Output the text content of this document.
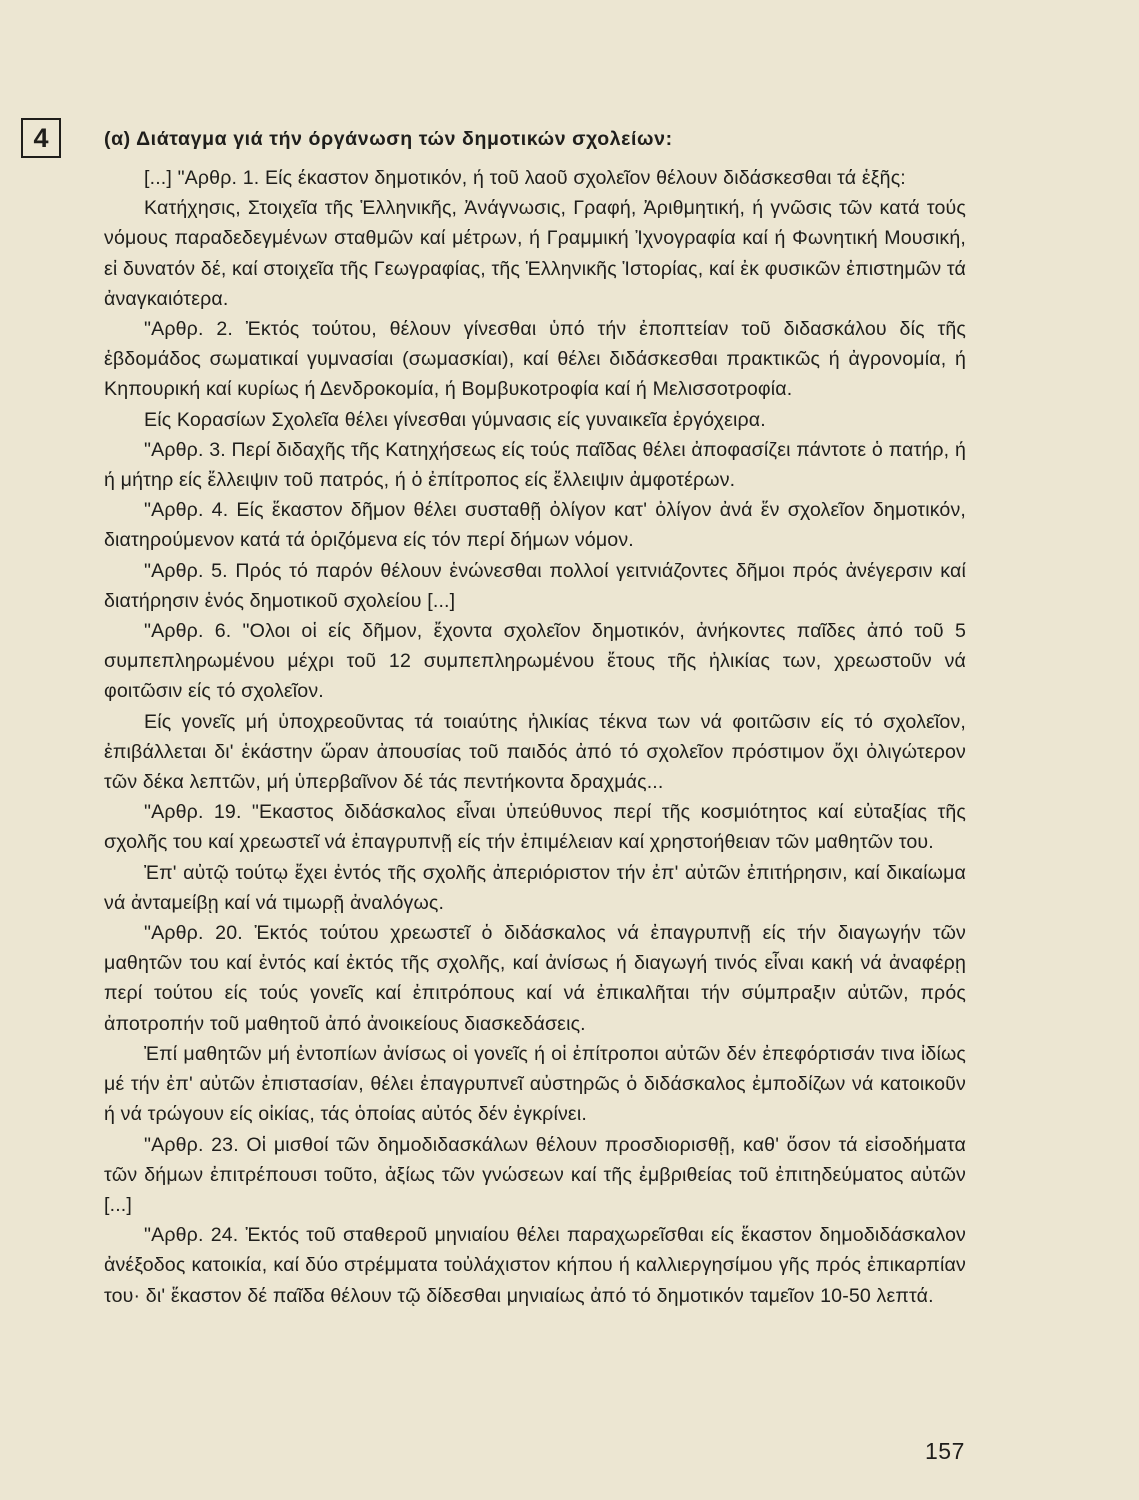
4	(α) Διάταγμα γιά τήν όργάνωση τών δημοτικών σχολείων:

[...] "Αρθρ. 1. Είς έκαστον δημοτικόν, ή τοῦ λαοῦ σχολεῖον θέλουν διδάσκεσθαι τά ἑξῆς:

Κατήχησις, Στοιχεῖα τῆς Ἑλληνικῆς, Ἀνάγνωσις, Γραφή, Ἀριθμητική, ή γνῶσις τῶν κατά τούς νόμους παραδεδεγμένων σταθμῶν καί μέτρων, ή Γραμμική Ἰχνογραφία καί ή Φωνητική Μουσική, εἰ δυνατόν δέ, καί στοιχεῖα τῆς Γεωγραφίας, τῆς Ἑλληνικῆς Ἱστορίας, καί ἐκ φυσικῶν ἐπιστημῶν τά ἀναγκαιότερα.

"Αρθρ. 2. Ἐκτός τούτου, θέλουν γίνεσθαι ὑπό τήν ἐποπτείαν τοῦ διδασκάλου δίς τῆς ἑβδομάδος σωματικαί γυμνασίαι (σωμασκίαι), καί θέλει διδάσκεσθαι πρακτικῶς ή ἀγρονομία, ή Κηπουρική καί κυρίως ή Δενδροκομία, ή Βομβυκοτροφία καί ή Μελισσοτροφία.

Είς Κορασίων Σχολεῖα θέλει γίνεσθαι γύμνασις είς γυναικεῖα ἐργόχειρα.

"Αρθρ. 3. Περί διδαχῆς τῆς Κατηχήσεως είς τούς παῖδας θέλει ἀποφασίζει πάντοτε ὁ πατήρ, ή ή μήτηρ είς ἔλλειψιν τοῦ πατρός, ή ὁ ἐπίτροπος είς ἔλλειψιν ἀμφοτέρων.

"Αρθρ. 4. Είς ἕκαστον δῆμον θέλει συσταθῇ ὀλίγον κατ' ὀλίγον ἀνά ἕν σχολεῖον δημοτικόν, διατηρούμενον κατά τά ὁριζόμενα είς τόν περί δήμων νόμον.

"Αρθρ. 5. Πρός τό παρόν θέλουν ἑνώνεσθαι πολλοί γειτνιάζοντες δῆμοι πρός ἀνέγερσιν καί διατήρησιν ἑνός δημοτικοῦ σχολείου [...]

"Αρθρ. 6. "Ολοι οἱ είς δῆμον, ἔχοντα σχολεῖον δημοτικόν, ἀνήκοντες παῖδες ἀπό τοῦ 5 συμπεπληρωμένου μέχρι τοῦ 12 συμπεπληρωμένου ἔτους τῆς ἡλικίας των, χρεωστοῦν νά φοιτῶσιν είς τό σχολεῖον.

Είς γονεῖς μή ὑποχρεοῦντας τά τοιαύτης ἡλικίας τέκνα των νά φοιτῶσιν είς τό σχολεῖον, ἐπιβάλλεται δι' ἑκάστην ὥραν ἀπουσίας τοῦ παιδός ἀπό τό σχολεῖον πρόστιμον ὄχι ὀλιγώτερον τῶν δέκα λεπτῶν, μή ὑπερβαῖνον δέ τάς πεντήκοντα δραχμάς...

"Αρθρ. 19. "Εκαστος διδάσκαλος εἶναι ὑπεύθυνος περί τῆς κοσμιότητος καί εὐταξίας τῆς σχολῆς του καί χρεωστεῖ νά ἐπαγρυπνῇ είς τήν ἐπιμέλειαν καί χρηστοήθειαν τῶν μαθητῶν του.

Ἐπ' αὐτῷ τούτῳ ἔχει ἐντός τῆς σχολῆς ἀπεριόριστον τήν ἐπ' αὐτῶν ἐπιτήρησιν, καί δικαίωμα νά ἀνταμείβῃ καί νά τιμωρῇ ἀναλόγως.

"Αρθρ. 20. Ἐκτός τούτου χρεωστεῖ ὁ διδάσκαλος νά ἐπαγρυπνῇ είς τήν διαγωγήν τῶν μαθητῶν του καί ἐντός καί ἐκτός τῆς σχολῆς, καί ἀνίσως ή διαγωγή τινός εἶναι κακή νά ἀναφέρῃ περί τούτου είς τούς γονεῖς καί ἐπιτρόπους καί νά ἐπικαλῆται τήν σύμπραξιν αὐτῶν, πρός ἀποτροπήν τοῦ μαθητοῦ ἀπό ἀνοικείους διασκεδάσεις.

Ἐπί μαθητῶν μή ἐντοπίων ἀνίσως οἱ γονεῖς ή οἱ ἐπίτροποι αὐτῶν δέν ἐπεφόρτισάν τινα ἰδίως μέ τήν ἐπ' αὐτῶν ἐπιστασίαν, θέλει ἐπαγρυπνεῖ αὐστηρῶς ὁ διδάσκαλος ἐμποδίζων νά κατοικοῦν ή νά τρώγουν είς οἰκίας, τάς ὁποίας αὐτός δέν ἐγκρίνει.

"Αρθρ. 23. Οἱ μισθοί τῶν δημοδιδασκάλων θέλουν προσδιορισθῇ, καθ' ὅσον τά εἰσοδήματα τῶν δήμων ἐπιτρέπουσι τοῦτο, ἀξίως τῶν γνώσεων καί τῆς ἐμβριθείας τοῦ ἐπιτηδεύματος αὐτῶν [...]

"Αρθρ. 24. Ἐκτός τοῦ σταθεροῦ μηνιαίου θέλει παραχωρεῖσθαι είς ἕκαστον δημοδιδάσκαλον ἀνέξοδος κατοικία, καί δύο στρέμματα τοὐλάχιστον κήπου ή καλλιεργησίμου γῆς πρός ἐπικαρπίαν του· δι' ἕκαστον δέ παῖδα θέλουν τῷ δίδεσθαι μηνιαίως ἀπό τό δημοτικόν ταμεῖον 10-50 λεπτά.

157
